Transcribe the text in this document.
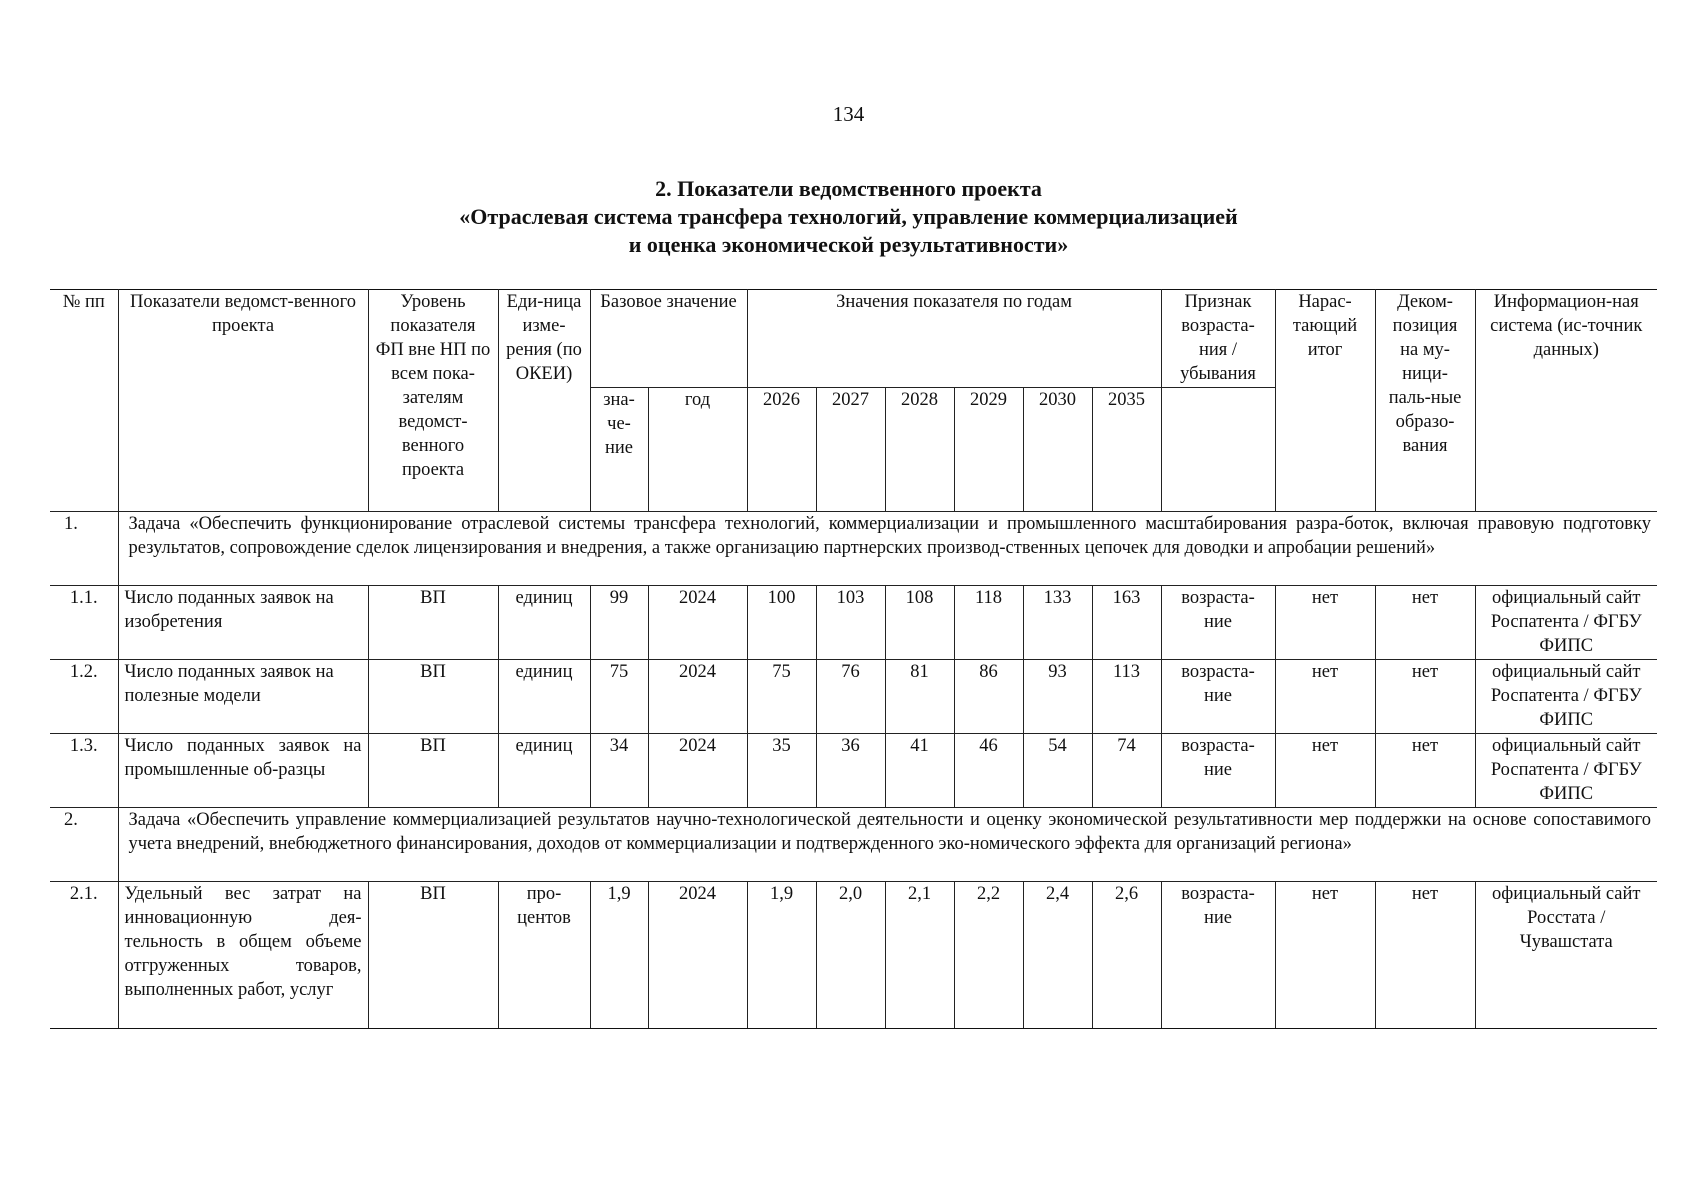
134
2. Показатели ведомственного проекта
«Отраслевая система трансфера технологий, управление коммерциализацией
и оценка экономической результативности»
№ пп	Показатели ведомст-венного проекта	Уровень показателя ФП вне НП по всем пока-зателям ведомст-венного проекта	Еди-ница изме-рения (по ОКЕИ)	Базовое значение		Значения показателя по годам						Признак возраста-ния / убывания	Нарас-тающий итог	Деком-позиция на му-ници-паль-ные образо-вания	Информацион-ная система (ис-точник данных)
				зна-че-ние	год	2026	2027	2028	2029	2030	2035				
1.	Задача «Обеспечить функционирование отраслевой системы трансфера технологий, коммерциализации и промышленного масштабирования разра-боток, включая правовую подготовку результатов, сопровождение сделок лицензирования и внедрения, а также организацию партнерских производ-ственных цепочек для доводки и апробации решений»														
1.1.	Число поданных заявок на изобретения	ВП	единиц	99	2024	100	103	108	118	133	163	возраста-ние	нет	нет	официальный сайт Роспатента / ФГБУ ФИПС
1.2.	Число поданных заявок на полезные модели	ВП	единиц	75	2024	75	76	81	86	93	113	возраста-ние	нет	нет	официальный сайт Роспатента / ФГБУ ФИПС
1.3.	Число поданных заявок на промышленные об-разцы	ВП	единиц	34	2024	35	36	41	46	54	74	возраста-ние	нет	нет	официальный сайт Роспатента / ФГБУ ФИПС
2.	Задача «Обеспечить управление коммерциализацией результатов научно-технологической деятельности и оценку экономической результативности мер поддержки на основе сопоставимого учета внедрений, внебюджетного финансирования, доходов от коммерциализации и подтвержденного эко-номического эффекта для организаций региона»														
2.1.	Удельный вес затрат на инновационную дея-тельность в общем объеме отгруженных товаров, выполненных работ, услуг	ВП	про-центов	1,9	2024	1,9	2,0	2,1	2,2	2,4	2,6	возраста-ние	нет	нет	официальный сайт Росстата / Чувашстата
